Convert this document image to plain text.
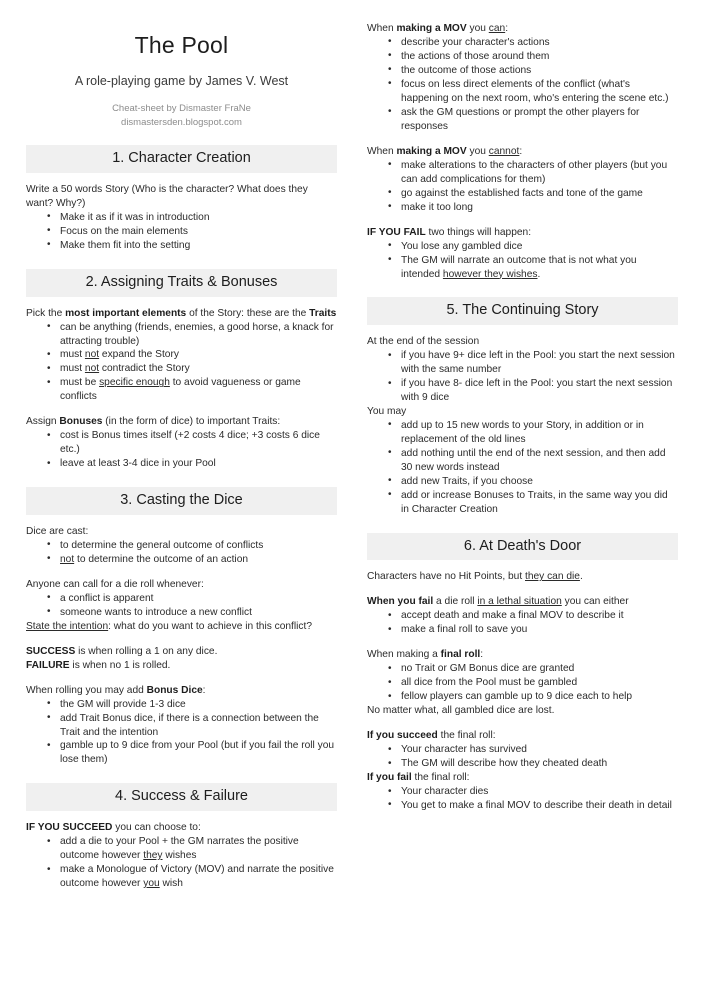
The Pool
A role-playing game by James V. West
Cheat-sheet by Dismaster FraNe
dismastersden.blogspot.com
1. Character Creation

Write a 50 words Story (Who is the character? What does they want? Why?)

• Make it as if it was in introduction
• Focus on the main elements
• Make them fit into the setting
2. Assigning Traits & Bonuses

Pick the most important elements of the Story: these are the Traits

• can be anything (friends, enemies, a good horse, a knack for attracting trouble)
• must not expand the Story
• must not contradict the Story
• must be specific enough to avoid vagueness or game conflicts

Assign Bonuses (in the form of dice) to important Traits:

• cost is Bonus times itself (+2 costs 4 dice; +3 costs 6 dice etc.)
• leave at least 3-4 dice in your Pool
3. Casting the Dice

Dice are cast:

• to determine the general outcome of conflicts
• not to determine the outcome of an action

Anyone can call for a die roll whenever:

• a conflict is apparent
• someone wants to introduce a new conflict

State the intention: what do you want to achieve in this conflict?

SUCCESS is when rolling a 1 on any dice.

FAILURE is when no 1 is rolled.

When rolling you may add Bonus Dice:

• the GM will provide 1-3 dice
• add Trait Bonus dice, if there is a connection between the Trait and the intention
• gamble up to 9 dice from your Pool (but if you fail the roll you lose them)
4. Success & Failure

IF YOU SUCCEED you can choose to:

• add a die to your Pool + the GM narrates the positive outcome however they wishes
• make a Monologue of Victory (MOV) and narrate the positive outcome however you wish

When making a MOV you can:

• describe your character's actions
• the actions of those around them
• the outcome of those actions
• focus on less direct elements of the conflict (what's happening on the next room, who's entering the scene etc.)
• ask the GM questions or prompt the other players for responses

When making a MOV you cannot:

• make alterations to the characters of other players (but you can add complications for them)
• go against the established facts and tone of the game
• make it too long

IF YOU FAIL two things will happen:

• You lose any gambled dice
• The GM will narrate an outcome that is not what you intended however they wishes.
5. The Continuing Story

At the end of the session

• if you have 9+ dice left in the Pool: you start the next session with the same number
• if you have 8- dice left in the Pool: you start the next session with 9 dice

You may

• add up to 15 new words to your Story, in addition or in replacement of the old lines
• add nothing until the end of the next session, and then add 30 new words instead
• add new Traits, if you choose
• add or increase Bonuses to Traits, in the same way you did in Character Creation
6. At Death's Door

Characters have no Hit Points, but they can die.

When you fail a die roll in a lethal situation you can either

• accept death and make a final MOV to describe it
• make a final roll to save you

When making a final roll:

• no Trait or GM Bonus dice are granted
• all dice from the Pool must be gambled
• fellow players can gamble up to 9 dice each to help

No matter what, all gambled dice are lost.

If you succeed the final roll:

• Your character has survived
• The GM will describe how they cheated death

If you fail the final roll:

• Your character dies
• You get to make a final MOV to describe their death in detail
